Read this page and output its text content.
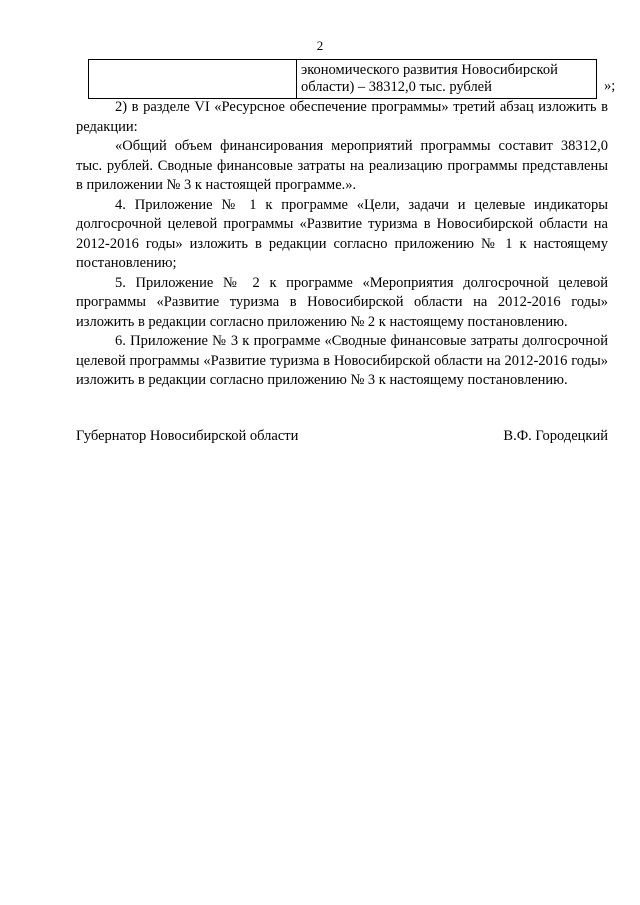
2

экономического развития Новосибирской
области) – 38312,0 тыс. рублей	»;

2) в разделе VI «Ресурсное обеспечение программы» третий абзац изложить в редакции:

«Общий объем финансирования мероприятий программы составит 38312,0 тыс. рублей. Сводные финансовые затраты на реализацию программы представлены в приложении № 3 к настоящей программе.».

4. Приложение № 1 к программе «Цели, задачи и целевые индикаторы долгосрочной целевой программы «Развитие туризма в Новосибирской области на 2012-2016 годы» изложить в редакции согласно приложению № 1 к настоящему постановлению;

5. Приложение № 2 к программе «Мероприятия долгосрочной целевой программы «Развитие туризма в Новосибирской области на 2012-2016 годы» изложить в редакции согласно приложению № 2 к настоящему постановлению.

6. Приложение № 3 к программе «Сводные финансовые затраты долгосрочной целевой программы «Развитие туризма в Новосибирской области на 2012-2016 годы» изложить в редакции согласно приложению № 3 к настоящему постановлению.

Губернатор Новосибирской области	В.Ф. Городецкий
